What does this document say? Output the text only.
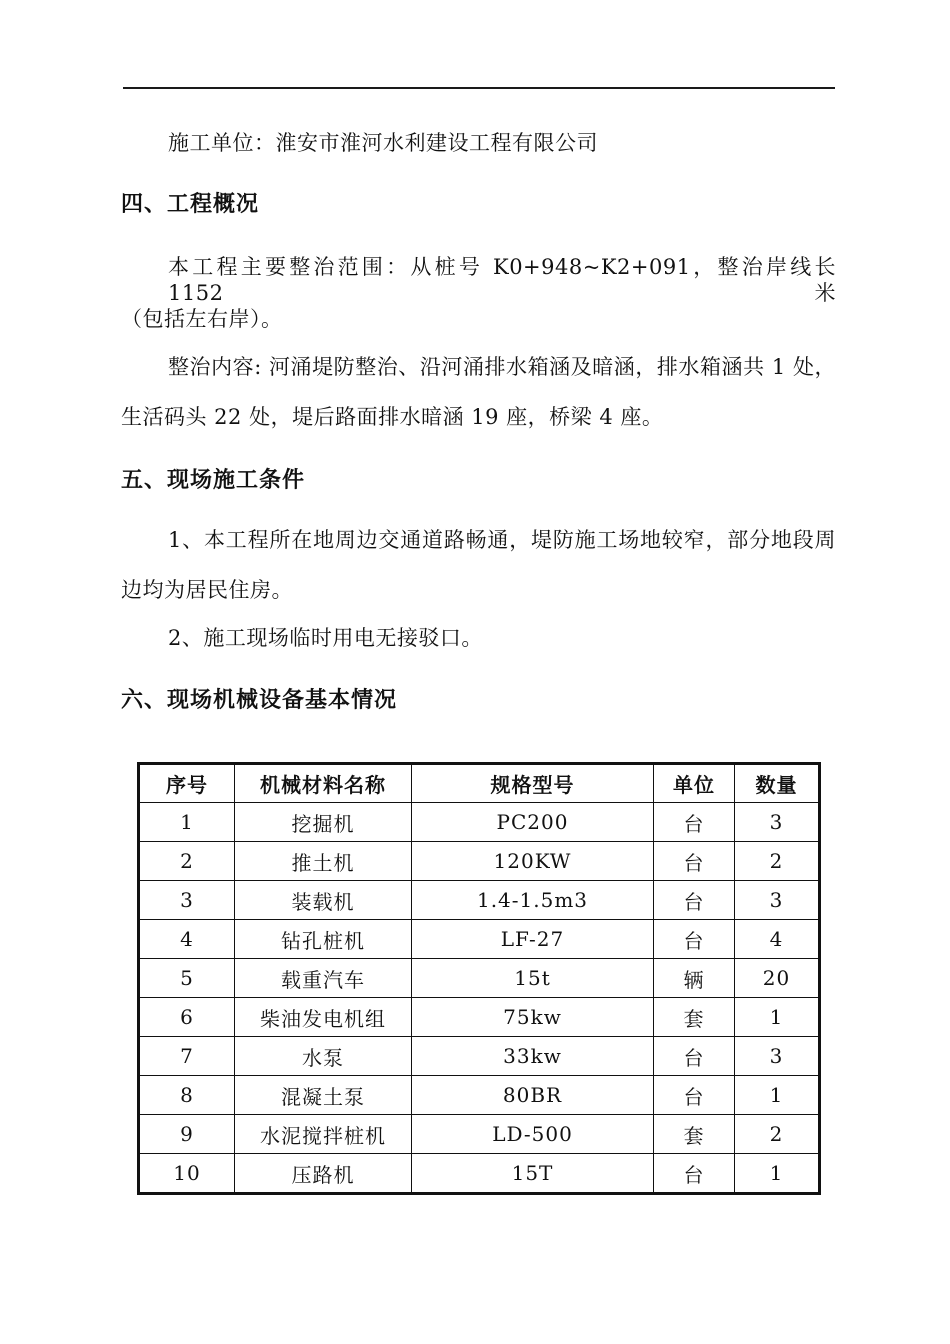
施工单位：淮安市淮河水利建设工程有限公司
四、工程概况
本工程主要整治范围：从桩号 K0+948~K2+091，整治岸线长 1152 米
（包括左右岸）。
整治内容: 河涌堤防整治、沿河涌排水箱涵及暗涵，排水箱涵共 1 处，
生活码头 22 处，堤后路面排水暗涵 19 座，桥梁 4 座。
五、现场施工条件
1、本工程所在地周边交通道路畅通，堤防施工场地较窄，部分地段周
边均为居民住房。
2、施工现场临时用电无接驳口。
六、现场机械设备基本情况
序号	机械材料名称	规格型号	单位	数量
1	挖掘机	PC200	台	3
2	推土机	120KW	台	2
3	装载机	1.4-1.5m3	台	3
4	钻孔桩机	LF-27	台	4
5	载重汽车	15t	辆	20
6	柴油发电机组	75kw	套	1
7	水泵	33kw	台	3
8	混凝土泵	80BR	台	1
9	水泥搅拌桩机	LD-500	套	2
10	压路机	15T	台	1
